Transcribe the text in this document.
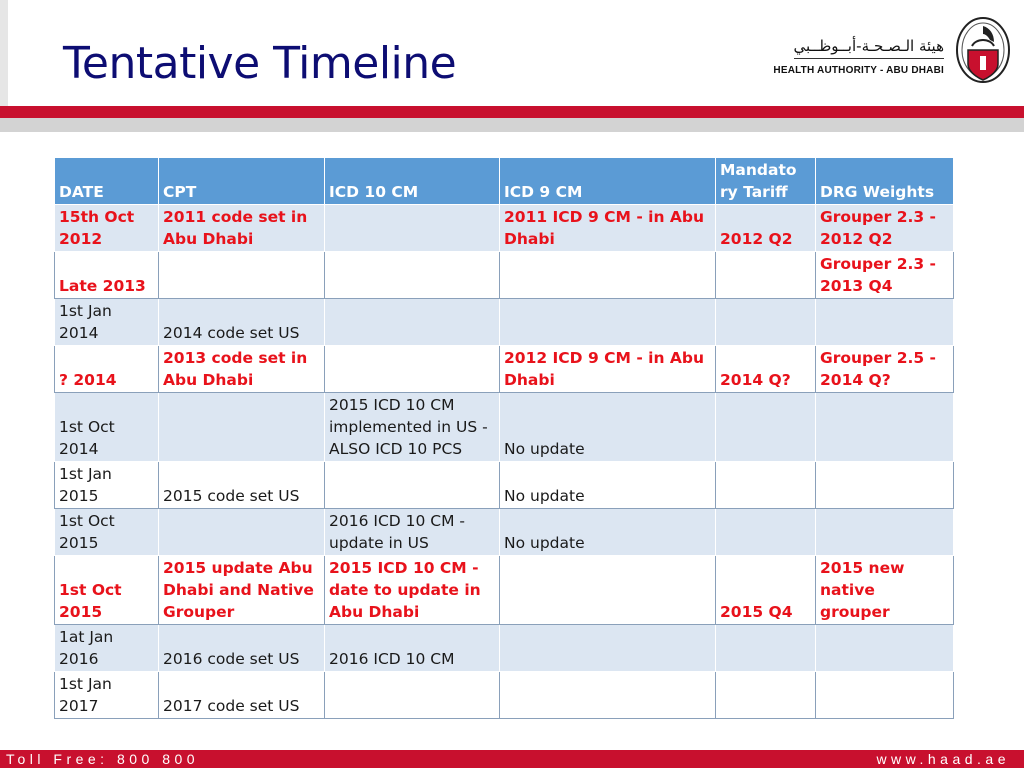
Tentative Timeline	هيئة الـصـحـة-أبــوظــبي
HEALTH AUTHORITY - ABU DHABI
DATE	CPT	ICD 10 CM	ICD 9 CM	Mandato ry Tariff	DRG Weights
15th Oct 2012	2011 code set in Abu Dhabi		2011 ICD 9 CM - in Abu Dhabi	2012 Q2	Grouper 2.3 - 2012 Q2
Late 2013					Grouper 2.3 - 2013 Q4
1st Jan 2014	2014 code set US				
? 2014	2013 code set in Abu Dhabi		2012 ICD 9 CM - in Abu Dhabi	2014 Q?	Grouper 2.5 - 2014 Q?
1st Oct 2014		2015 ICD 10 CM implemented in US - ALSO ICD 10 PCS	No update		
1st Jan 2015	2015 code set US		No update		
1st Oct 2015		2016 ICD 10 CM - update in US	No update		
1st Oct 2015	2015 update Abu Dhabi and Native Grouper	2015 ICD 10 CM - date to update in Abu Dhabi		2015 Q4	2015 new native grouper
1at Jan 2016	2016 code set US	2016 ICD 10 CM			
1st Jan 2017	2017 code set US				
Toll Free: 800 800	www.haad.ae
